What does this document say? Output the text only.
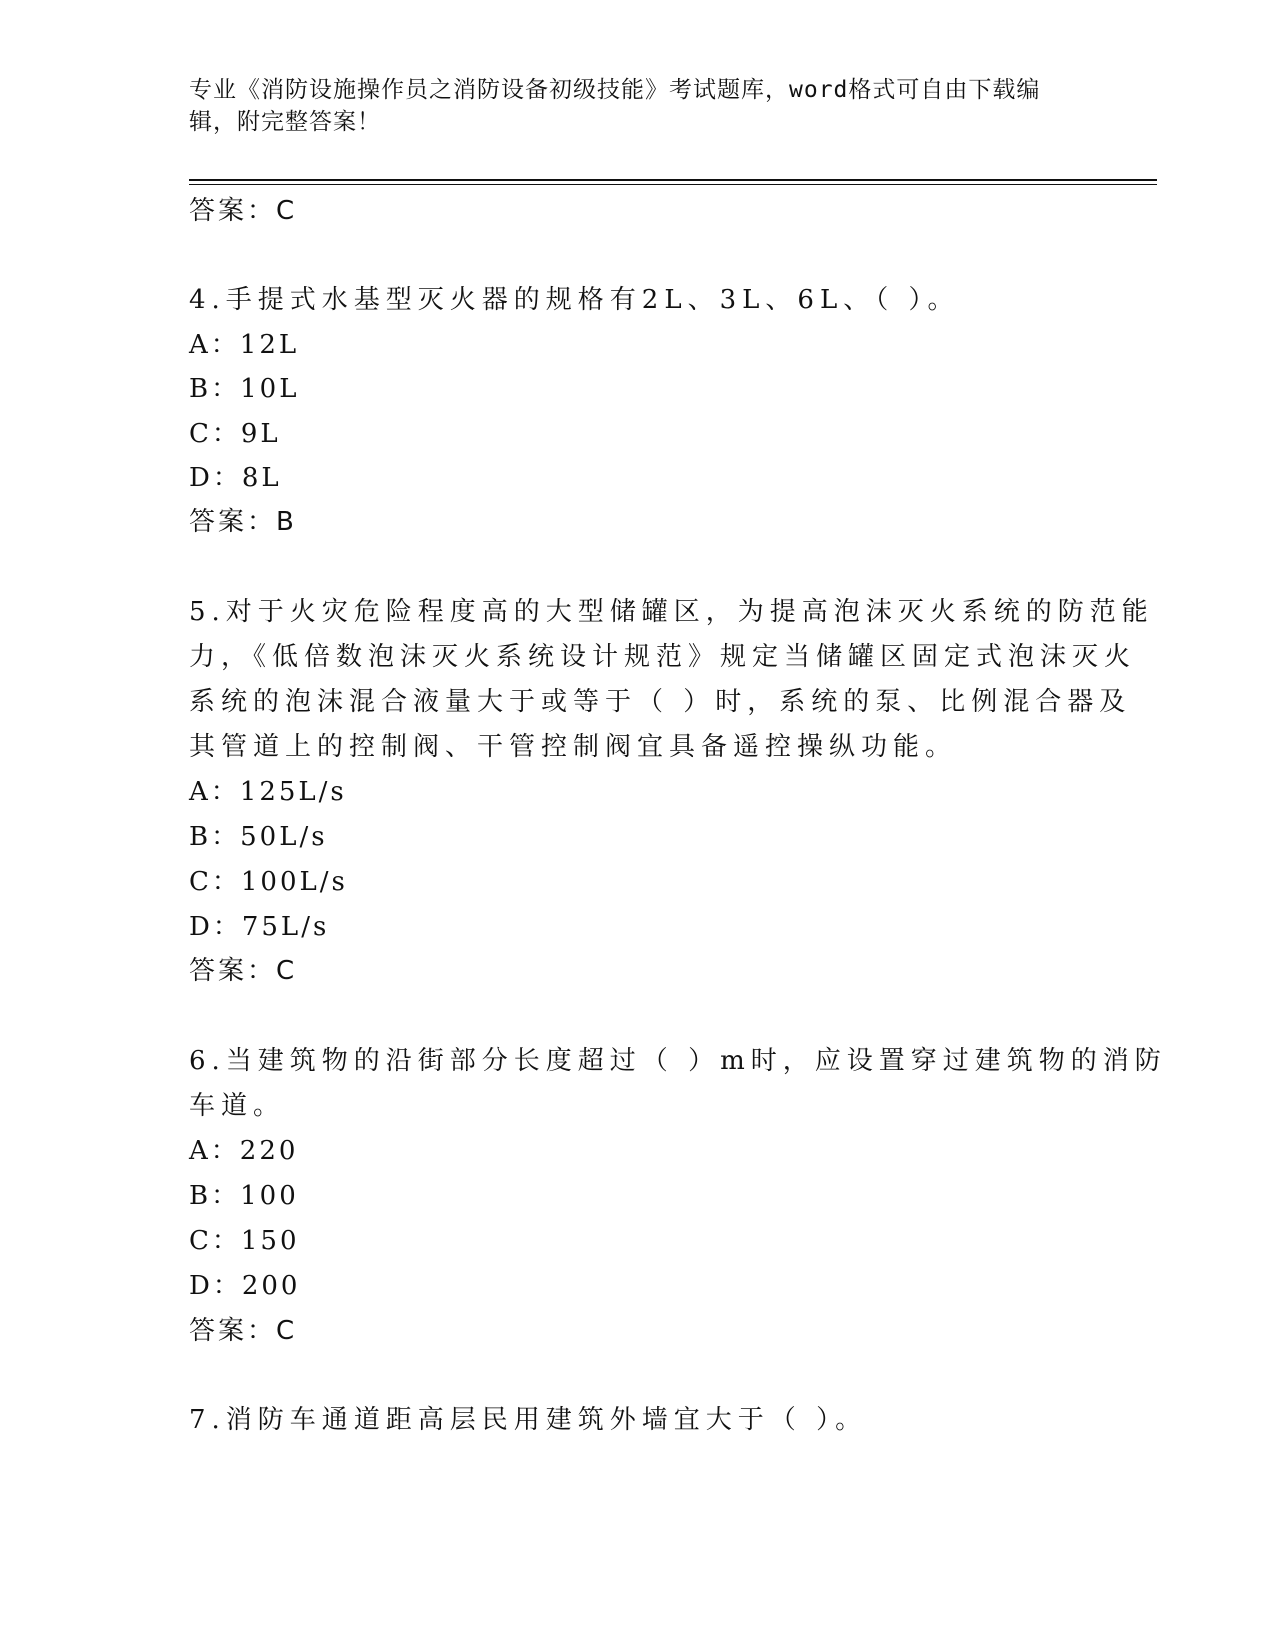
专业《消防设施操作员之消防设备初级技能》考试题库，word格式可自由下载编
辑，附完整答案！
答案：C
4.手提式水基型灭火器的规格有2L、3L、6L、（ ）。
A：12L
B：10L
C：9L
D：8L
答案：B
5.对于火灾危险程度高的大型储罐区，为提高泡沫灭火系统的防范能
力，《低倍数泡沫灭火系统设计规范》规定当储罐区固定式泡沫灭火
系统的泡沫混合液量大于或等于（ ）时，系统的泵、比例混合器及
其管道上的控制阀、干管控制阀宜具备遥控操纵功能。
A：125L/s
B：50L/s
C：100L/s
D：75L/s
答案：C
6.当建筑物的沿街部分长度超过（ ）m时，应设置穿过建筑物的消防
车道。
A：220
B：100
C：150
D：200
答案：C
7.消防车通道距高层民用建筑外墙宜大于（ ）。
